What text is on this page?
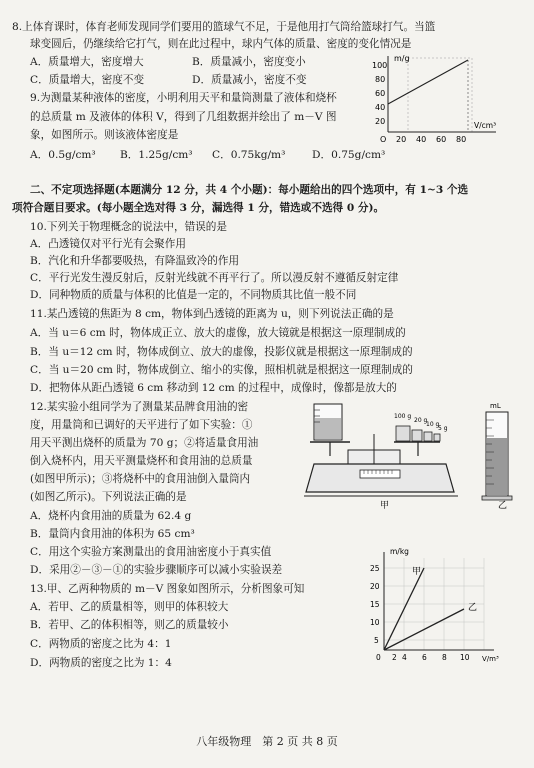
8.上体育课时，体育老师发现同学们要用的篮球气不足，于是他用打气筒给篮球打气。当篮
球变圆后，仍继续给它打气，则在此过程中，球内气体的质量、密度的变化情况是
A．质量增大，密度增大	B．质量减小，密度变小
C．质量增大，密度不变	D．质量减小，密度不变
9.为测量某种液体的密度，小明利用天平和量筒测量了液体和烧杯
的总质量 m 及液体的体积 V，得到了几组数据并绘出了 m－V 图
象，如图所示。则该液体密度是
A．0.5g/cm³ B．1.25g/cm³ C．0.75kg/m³	D．0.75g/cm³
m/g
V/cm³
100
80
60
40
20
O 20 40 60 80
二、不定项选择题(本题满分 12 分，共 4 个小题)：每小题给出的四个选项中，有 1~3 个选
项符合题目要求。(每小题全选对得 3 分，漏选得 1 分，错选或不选得 0 分)。
10.下列关于物理概念的说法中，错误的是
A．凸透镜仅对平行光有会聚作用
B．汽化和升华都要吸热，有降温致冷的作用
C．平行光发生漫反射后，反射光线就不再平行了。所以漫反射不遵循反射定律
D．同种物质的质量与体积的比值是一定的，不同物质其比值一般不同
11.某凸透镜的焦距为 8 cm，物体到凸透镜的距离为 u，则下列说法正确的是
A．当 u＝6 cm 时，物体成正立、放大的虚像，放大镜就是根据这一原理制成的
B．当 u＝12 cm 时，物体成倒立、放大的虚像，投影仪就是根据这一原理制成的
C．当 u＝20 cm 时，物体成倒立、缩小的实像，照相机就是根据这一原理制成的
D．把物体从距凸透镜 6 cm 移动到 12 cm 的过程中，成像时，像都是放大的
12.某实验小组同学为了测量某品牌食用油的密
度，用量筒和已调好的天平进行了如下实验：①
用天平测出烧杯的质量为 70 g；②将适量食用油
倒入烧杯内，用天平测量烧杯和食用油的总质量
(如图甲所示)；③将烧杯中的食用油倒入量筒内
(如图乙所示)。下列说法正确的是
A．烧杯内食用油的质量为 62.4 g
B．量筒内食用油的体积为 65 cm³
C．用这个实验方案测量出的食用油密度小于真实值
D．采用②－③－①的实验步骤顺序可以减小实验误差
100 g
20 g
10 g
5 g
甲
mL
乙
13.甲、乙两种物质的 m－V 图象如图所示，分析图象可知
A．若甲、乙的质量相等，则甲的体积较大
B．若甲、乙的体积相等，则乙的质量较小
C．两物质的密度之比为 4：1
D．两物质的密度之比为 1：4
m/kg
V/m³
甲
乙
25
20
15
10
5
0 2 4 6 8 10
八年级物理　第 2 页 共 8 页
